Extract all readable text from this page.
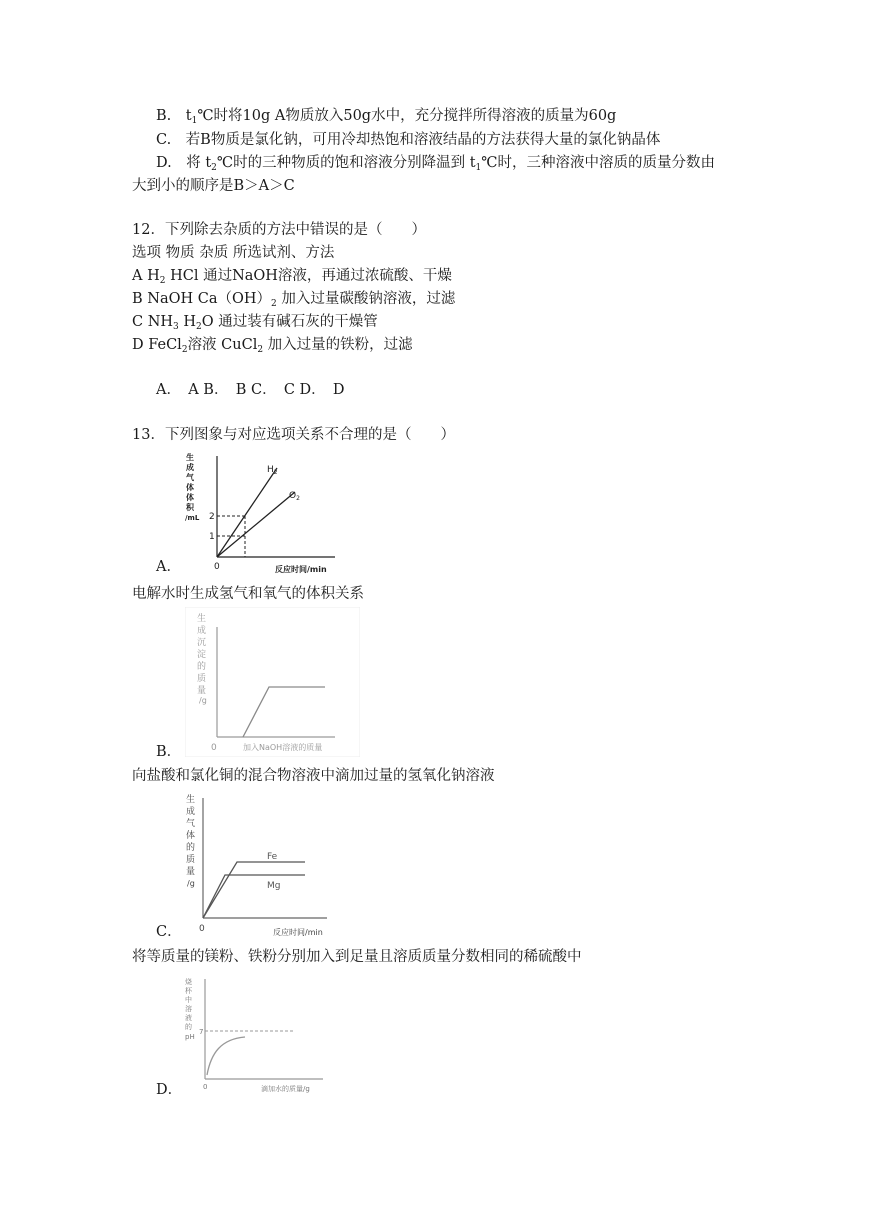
B.　$t_1℃$时将10g A物质放入50g水中，充分搅拌所得溶液的质量为60g
C.　若B物质是氯化钠，可用冷却热饱和溶液结晶的方法获得大量的氯化钠晶体
D.　将 $t_2℃$时的三种物质的饱和溶液分别降温到 $t_1℃$时，三种溶液中溶质的质量分数由
大到小的顺序是B＞A＞C
12．下列除去杂质的方法中错误的是（　　）
选项 物质 杂质 所选试剂、方法
A $H_2$ HCl 通过NaOH溶液，再通过浓硫酸、干燥
B NaOH $Ca(OH)_2$ 加入过量碳酸钠溶液，过滤
C $NH_3$ $H_2O$ 通过装有碱石灰的干燥管
D FeCl$_2$溶液 CuCl$_2$ 加入过量的铁粉，过滤
A．　A B．　B C．　C D．　D
13．下列图象与对应选项关系不合理的是（　　）
生
成
气
体
体
积
/mL 2
1
0
$H_2$
$O_2$
反应时间/min
A．
电解水时生成氢气和氧气的体积关系
生
成
沉
淀
的
质
量
/g
0	加入NaOH溶液的质量
B．
向盐酸和氯化铜的混合物溶液中滴加过量的氢氧化钠溶液
生
成
气
体
的
质
量
/g
Fe
Mg
0	反应时间/min
C．
将等质量的镁粉、铁粉分别加入到足量且溶质质量分数相同的稀硫酸中
烧
杯
中
溶
液
的
pH
7
0	滴加水的质量/g
D．
